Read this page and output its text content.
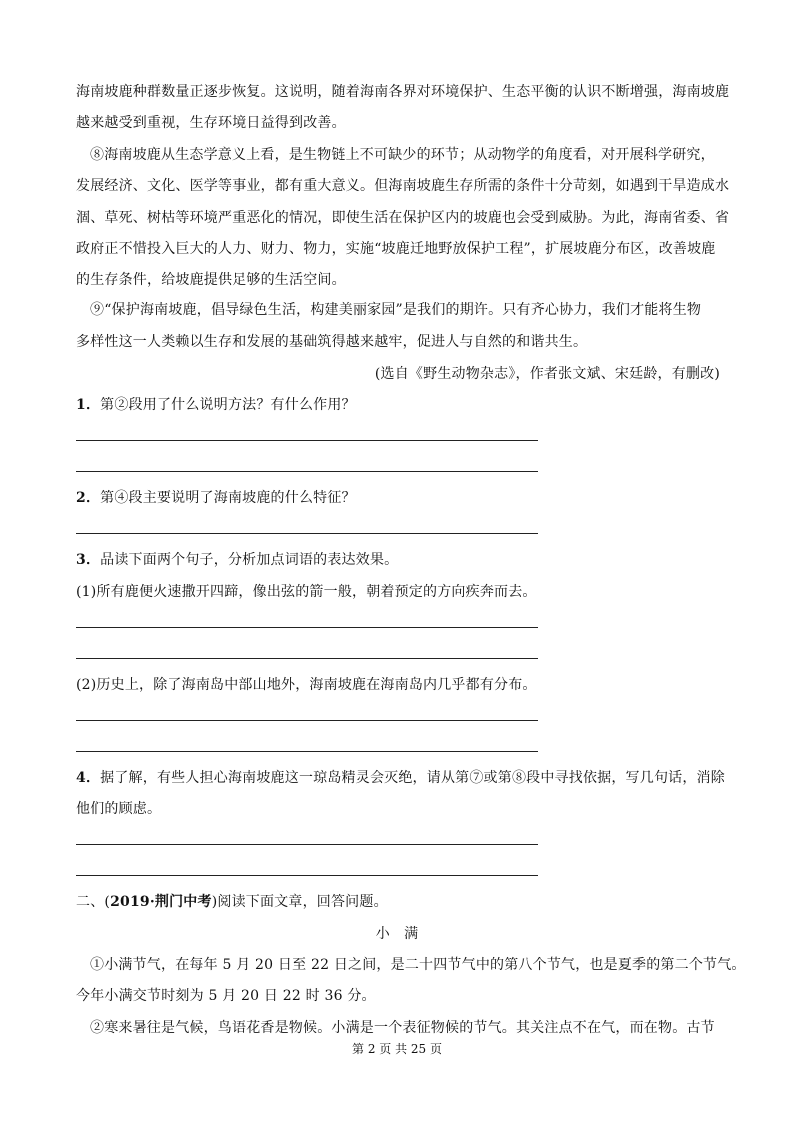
海南坡鹿种群数量正逐步恢复。这说明，随着海南各界对环境保护、生态平衡的认识不断增强，海南坡鹿
越来越受到重视，生存环境日益得到改善。
⑧海南坡鹿从生态学意义上看，是生物链上不可缺少的环节；从动物学的角度看，对开展科学研究，
发展经济、文化、医学等事业，都有重大意义。但海南坡鹿生存所需的条件十分苛刻，如遇到干旱造成水
涸、草死、树枯等环境严重恶化的情况，即使生活在保护区内的坡鹿也会受到威胁。为此，海南省委、省
政府正不惜投入巨大的人力、财力、物力，实施“坡鹿迁地野放保护工程”，扩展坡鹿分布区，改善坡鹿
的生存条件，给坡鹿提供足够的生活空间。
⑨“保护海南坡鹿，倡导绿色生活，构建美丽家园”是我们的期许。只有齐心协力，我们才能将生物
多样性这一人类赖以生存和发展的基础筑得越来越牢，促进人与自然的和谐共生。
(选自《野生动物杂志》，作者张文斌、宋廷龄，有删改)
1．第②段用了什么说明方法？有什么作用？
2．第④段主要说明了海南坡鹿的什么特征？
3．品读下面两个句子，分析加点词语的表达效果。
(1)所有鹿便火速撒开四蹄，像出弦的箭一般，朝着预定的方向疾奔而去。
(2)历史上，除了海南岛中部山地外，海南坡鹿在海南岛内几乎都有分布。
4．据了解，有些人担心海南坡鹿这一琼岛精灵会灭绝，请从第⑦或第⑧段中寻找依据，写几句话，消除
他们的顾虑。
二、(2019·荆门中考)阅读下面文章，回答问题。
小　满
①小满节气，在每年 5 月 20 日至 22 日之间，是二十四节气中的第八个节气，也是夏季的第二个节气。
今年小满交节时刻为 5 月 20 日 22 时 36 分。
②寒来暑往是气候，鸟语花香是物候。小满是一个表征物候的节气。其关注点不在气，而在物。古节
第 2 页 共 25 页
